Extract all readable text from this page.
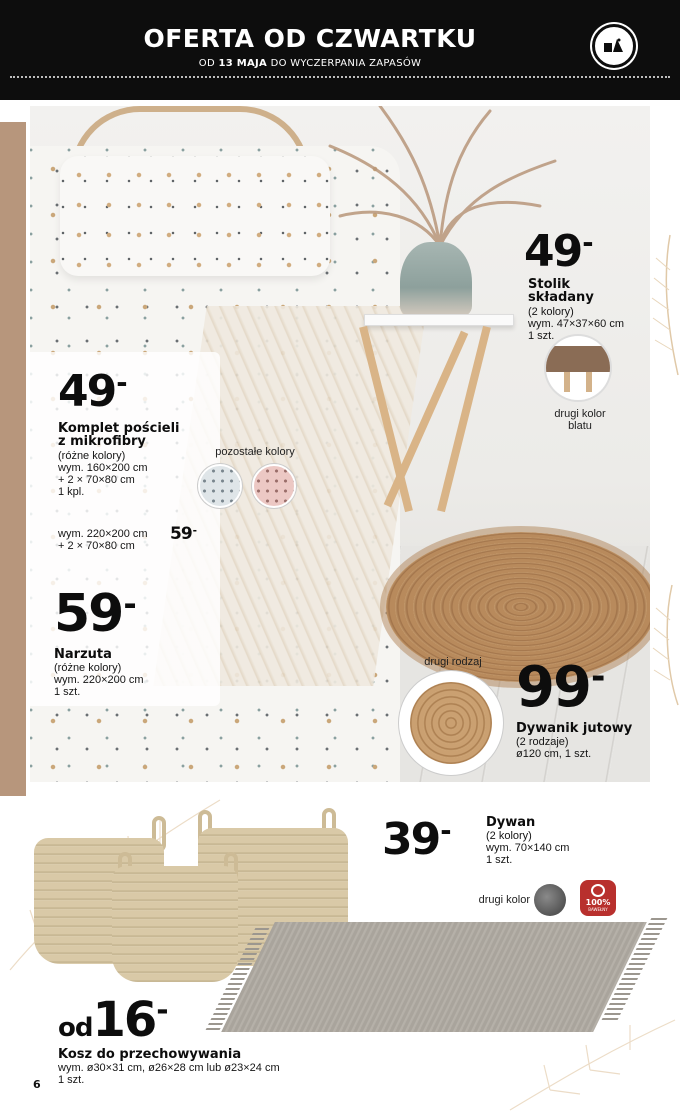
OFERTA OD CZWARTKU
OD 13 MAJA DO WYCZERPANIA ZAPASÓW
49-
Stolik
składany
(2 kolory)
wym. 47×37×60 cm
1 szt.
drugi kolor
blatu
49-
Komplet pościeli
z mikrofibry
(różne kolory)
wym. 160×200 cm
+ 2 × 70×80 cm
1 kpl.
wym. 220×200 cm
+ 2 × 70×80 cm
59-
pozostałe kolory
59-
Narzuta
(różne kolory)
wym. 220×200 cm
1 szt.
drugi rodzaj 99-
Dywanik jutowy
(2 rodzaje)
ø120 cm, 1 szt.
39-	Dywan
(2 kolory)
wym. 70×140 cm
1 szt.
drugi kolor	100%
BAWEŁNY
od16-
Kosz do przechowywania
wym. ø30×31 cm, ø26×28 cm lub ø23×24 cm
1 szt.
6
